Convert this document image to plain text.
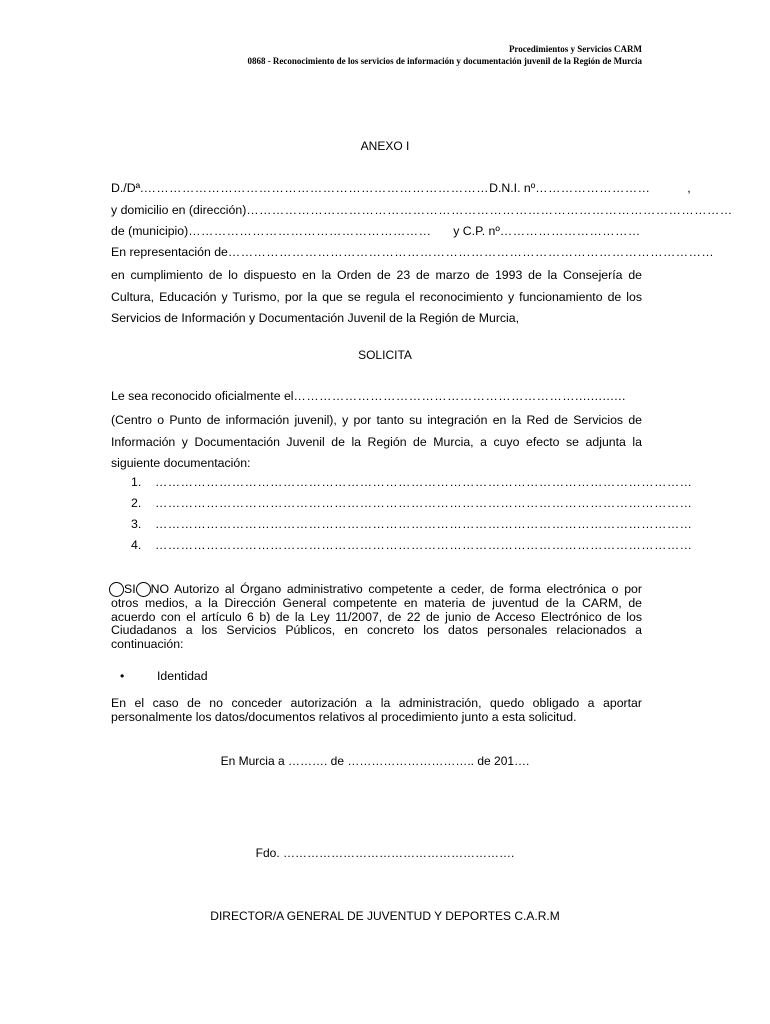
Procedimientos y Servicios CARM
0868 - Reconocimiento de los servicios de información y documentación juvenil de la Región de Murcia
ANEXO I
D./Dª. ……………………………………………………………………… D.N.I. nº ………………………	,
y domicilio en (dirección) ……………………………………………………………………………………………………
de (municipio) …………………………………………………	y C.P. nº ……………………………
En representación de ……………………………………………………………………………………………………
en cumplimiento de lo dispuesto en la Orden de 23 de marzo de 1993 de la Consejería de Cultura, Educación y Turismo, por la que se regula el reconocimiento y funcionamiento de los Servicios de Información y Documentación Juvenil de la Región de Murcia,
SOLICITA
Le sea reconocido oficialmente el ………………………………………………………….............
(Centro o Punto de información juvenil), y por tanto su integración en la Red de Servicios de Información y Documentación Juvenil de la Región de Murcia, a cuyo efecto se adjunta la siguiente documentación:
1.	………………………………………………………………………………………………………………
2.	………………………………………………………………………………………………………………
3.	………………………………………………………………………………………………………………
4.	………………………………………………………………………………………………………………
SI NO Autorizo al Órgano administrativo competente a ceder, de forma electrónica o por otros medios, a la Dirección General competente en materia de juventud de la CARM, de acuerdo con el artículo 6 b) de la Ley 11/2007, de 22 de junio de Acceso Electrónico de los Ciudadanos a los Servicios Públicos, en concreto los datos personales relacionados a continuación:
•	Identidad
En el caso de no conceder autorización a la administración, quedo obligado a aportar personalmente los datos/documentos relativos al procedimiento junto a esta solicitud.
En Murcia a ………. de ………………………….. de 201….
Fdo. ………………………………………………….
DIRECTOR/A GENERAL DE JUVENTUD Y DEPORTES C.A.R.M
